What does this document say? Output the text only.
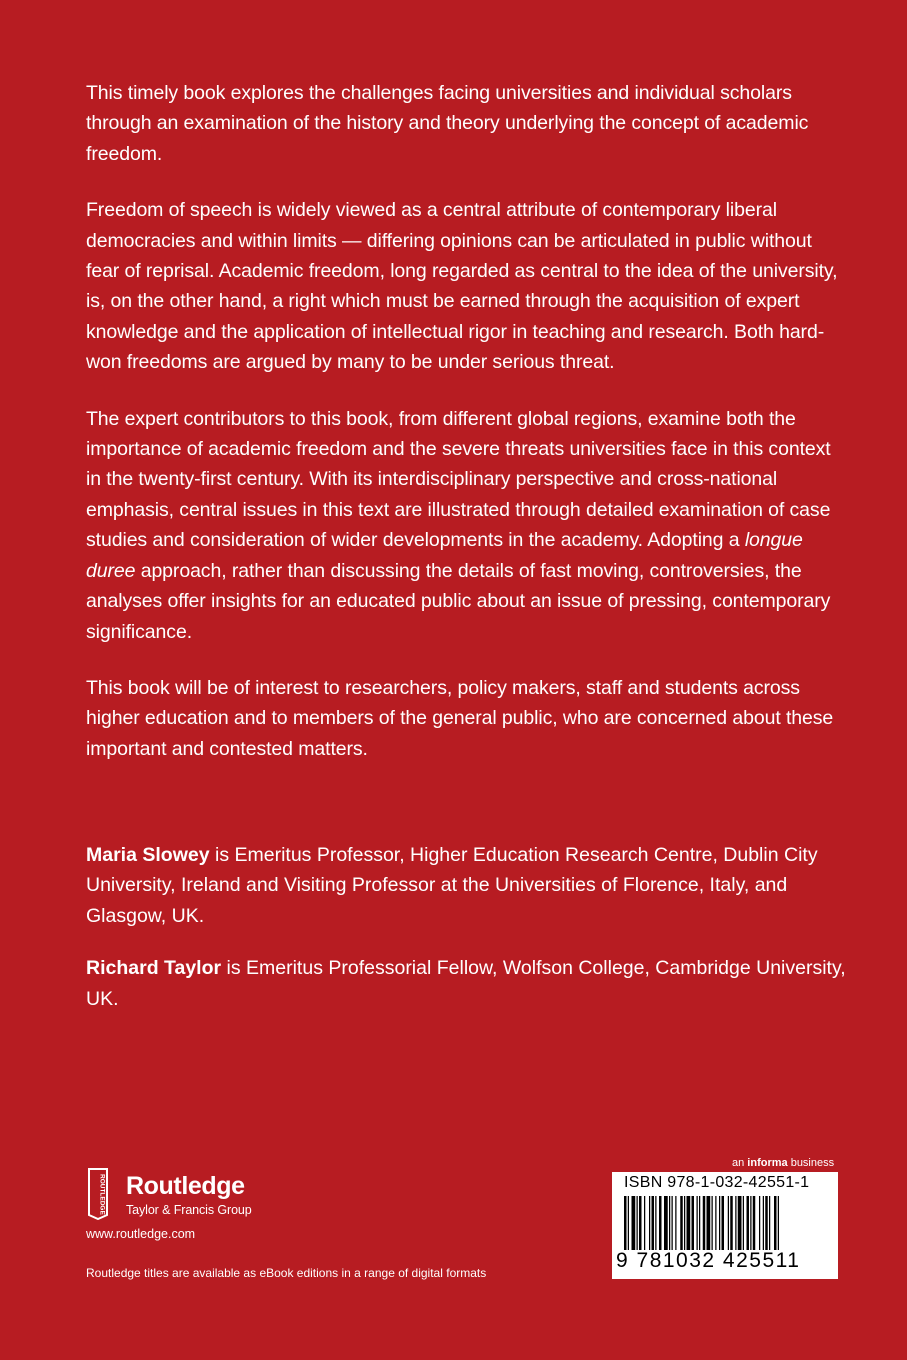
This timely book explores the challenges facing universities and individual scholars through an examination of the history and theory underlying the concept of academic freedom.

Freedom of speech is widely viewed as a central attribute of contemporary liberal democracies and within limits — differing opinions can be articulated in public without fear of reprisal. Academic freedom, long regarded as central to the idea of the university, is, on the other hand, a right which must be earned through the acquisition of expert knowledge and the application of intellectual rigor in teaching and research. Both hard-won freedoms are argued by many to be under serious threat.

The expert contributors to this book, from different global regions, examine both the importance of academic freedom and the severe threats universities face in this context in the twenty-first century. With its interdisciplinary perspective and cross-national emphasis, central issues in this text are illustrated through detailed examination of case studies and consideration of wider developments in the academy. Adopting a longue duree approach, rather than discussing the details of fast moving, controversies, the analyses offer insights for an educated public about an issue of pressing, contemporary significance.

This book will be of interest to researchers, policy makers, staff and students across higher education and to members of the general public, who are concerned about these important and contested matters.

Maria Slowey is Emeritus Professor, Higher Education Research Centre, Dublin City University, Ireland and Visiting Professor at the Universities of Florence, Italy, and Glasgow, UK.

Richard Taylor is Emeritus Professorial Fellow, Wolfson College, Cambridge University, UK.

ROUTLEDGE Routledge
Taylor & Francis Group
www.routledge.com
Routledge titles are available as eBook editions in a range of digital formats
an informa business
ISBN 978-1-032-42551-1
9 781032 425511
